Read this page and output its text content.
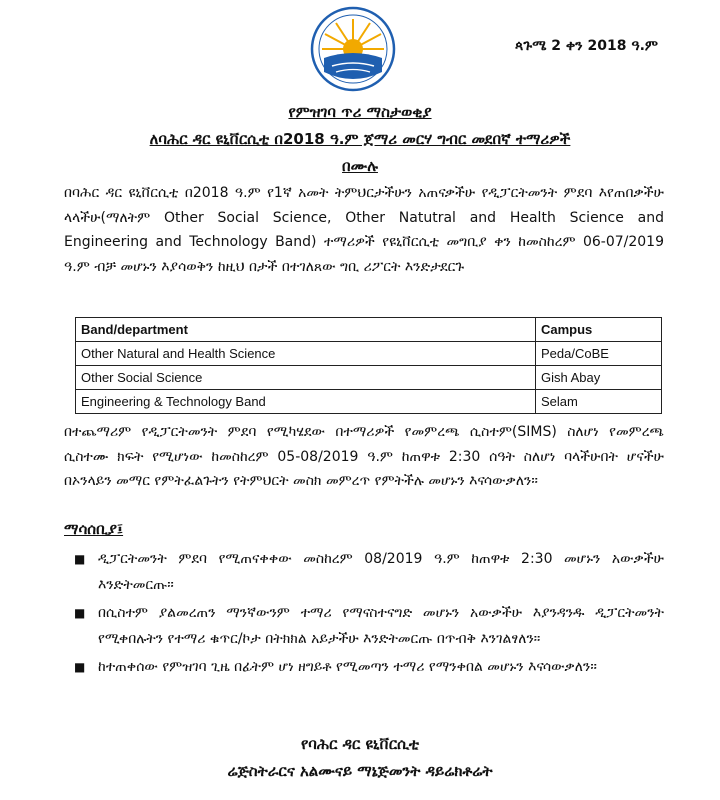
ጳጉሜ 2 ቀን 2018 ዓ.ም
የምዝገባ ጥሪ ማስታወቂያ
ለባሕር ዳር ዩኒቨርሲቲ በ2018 ዓ.ም ጀማሪ መርሃ ግብር መደበኛ ተማሪዎች
በሙሉ

በባሕር ዳር ዩኒቨርሲቲ በ2018 ዓ.ም የ1ኛ አመት ትምህርታችሁን አጠናቃችሁ የዲፓርትመንት ምደባ እየጠበቃችሁ ላላችሁ(ማለትም Other Social Science, Other Natutral and Health Science and Engineering and Technology Band) ተማሪዎች የዩኒቨርሲቲ መግቢያ ቀን ከመስከረም 06-07/2019 ዓ.ም ብቻ መሆኑን እያሳወቅን ከዚህ በታች በተገለጸው ግቢ ሪፖርት እንድታደርጉ

Band/department	Campus
Other Natural and Health Science	Peda/CoBE
Other Social Science	Gish Abay
Engineering & Technology Band	Selam

በተጨማሪም የዲፓርትመንት ምደባ የሚካሄደው በተማሪዎች የመምረጫ ሲስተም(SIMS) ስለሆነ የመምረጫ ሲስተሙ ክፍት የሚሆነው ከመስከረም 05-08/2019 ዓ.ም ከጠዋቱ 2:30 ሰዓት ስለሆነ ባላችሁበት ሆናችሁ በኦንላይን መማር የምትፈልጉትን የትምህርት መስክ መምረጥ የምትችሉ መሆኑን እናሳውቃለን።

ማሳሰቢያ፤
■ ዲፓርትመንት ምደባ የሚጠናቀቀው መስከረም 08/2019 ዓ.ም ከጠዋቱ 2:30 መሆኑን አውቃችሁ እንድትመርጡ።
■ በሲስተም ያልመረጠን ማንኛውንም ተማሪ የማናስተናግድ መሆኑን አውቃችሁ እያንዳንዱ ዲፓርትመንት የሚቀበሉትን የተማሪ ቁጥር/ኮታ በትክክል አይታችሁ እንድትመርጡ በጥብቅ እንገልፃለን።
■ ከተጠቀሰው የምዝገባ ጊዜ በፊትም ሆነ ዘግይቶ የሚመጣን ተማሪ የማንቀበል መሆኑን እናሳውቃለን።
የባሕር ዳር ዩኒቨርሲቲ
ሬጅስትራርና አልሙናይ ማኔጅመንት ዳይሬክቶሬት
